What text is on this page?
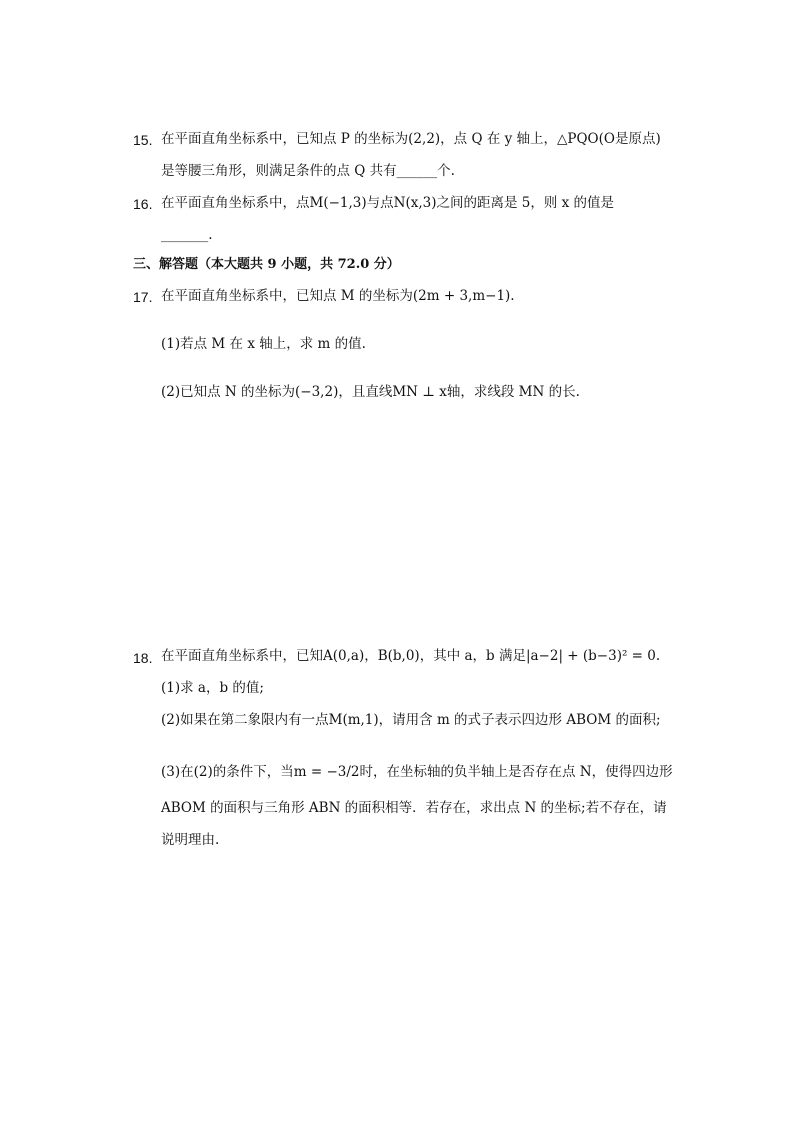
15. 在平面直角坐标系中，已知点 P 的坐标为(2,2)，点 Q 在 y 轴上，△PQO(O是原点)
是等腰三角形，则满足条件的点 Q 共有______个.
16. 在平面直角坐标系中，点M(−1,3)与点N(x,3)之间的距离是 5，则 x 的值是
_______.
三、解答题（本大题共 9 小题，共 72.0 分）
17. 在平面直角坐标系中，已知点 M 的坐标为(2m + 3,m−1).
(1)若点 M 在 x 轴上，求 m 的值.
(2)已知点 N 的坐标为(−3,2)，且直线MN ⊥ x轴，求线段 MN 的长.
18. 在平面直角坐标系中，已知A(0,a)，B(b,0)，其中 a，b 满足|a−2| + (b−3)² = 0.
(1)求 a，b 的值;
(2)如果在第二象限内有一点M(m,1)，请用含 m 的式子表示四边形 ABOM 的面积;
(3)在(2)的条件下，当m = −3/2时，在坐标轴的负半轴上是否存在点 N，使得四边形
ABOM 的面积与三角形 ABN 的面积相等．若存在，求出点 N 的坐标;若不存在，请
说明理由.
